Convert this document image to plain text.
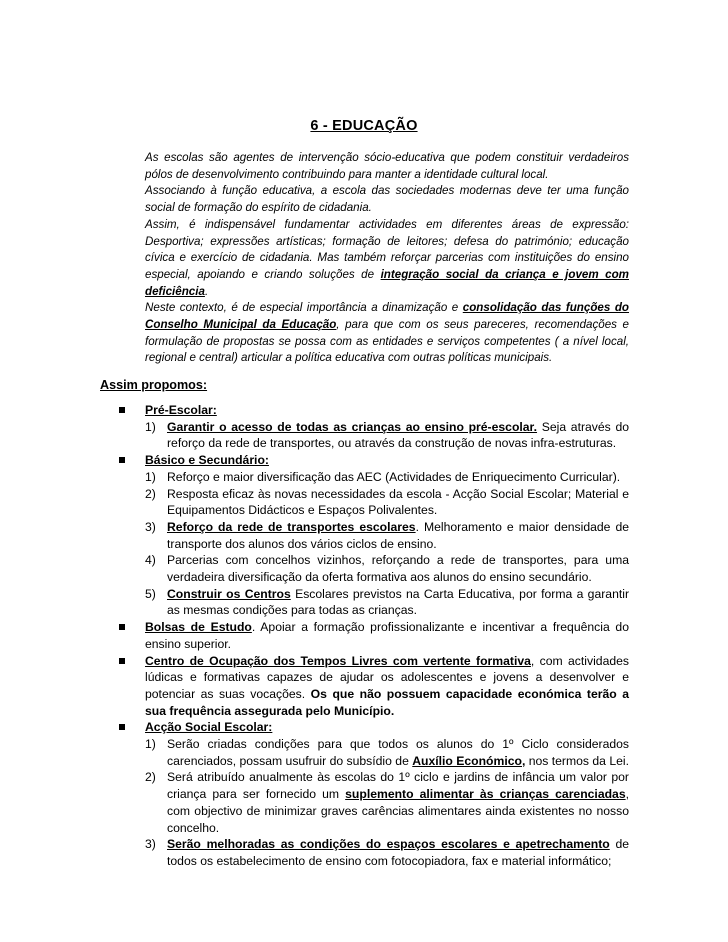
6 - EDUCAÇÃO

As escolas são agentes de intervenção sócio-educativa que podem constituir verdadeiros pólos de desenvolvimento contribuindo para manter a identidade cultural local.

Associando à função educativa, a escola das sociedades modernas deve ter uma função social de formação do espírito de cidadania.

Assim, é indispensável fundamentar actividades em diferentes áreas de expressão: Desportiva; expressões artísticas; formação de leitores; defesa do património; educação cívica e exercício de cidadania. Mas também reforçar parcerias com instituições do ensino especial, apoiando e criando soluções de integração social da criança e jovem com deficiência.

Neste contexto, é de especial importância a dinamização e consolidação das funções do Conselho Municipal da Educação, para que com os seus pareceres, recomendações e formulação de propostas se possa com as entidades e serviços competentes ( a nível local, regional e central) articular a política educativa com outras políticas municipais.

Assim propomos:
Pré-Escolar:
1) Garantir o acesso de todas as crianças ao ensino pré-escolar. Seja através do reforço da rede de transportes, ou através da construção de novas infra-estruturas.
Básico e Secundário:
1) Reforço e maior diversificação das AEC (Actividades de Enriquecimento Curricular).
2) Resposta eficaz às novas necessidades da escola - Acção Social Escolar; Material e Equipamentos Didácticos e Espaços Polivalentes.
3) Reforço da rede de transportes escolares. Melhoramento e maior densidade de transporte dos alunos dos vários ciclos de ensino.
4) Parcerias com concelhos vizinhos, reforçando a rede de transportes, para uma verdadeira diversificação da oferta formativa aos alunos do ensino secundário.
5) Construir os Centros Escolares previstos na Carta Educativa, por forma a garantir as mesmas condições para todas as crianças.
Bolsas de Estudo. Apoiar a formação profissionalizante e incentivar a frequência do ensino superior.
Centro de Ocupação dos Tempos Livres com vertente formativa, com actividades lúdicas e formativas capazes de ajudar os adolescentes e jovens a desenvolver e potenciar as suas vocações. Os que não possuem capacidade económica terão a sua frequência assegurada pelo Município.
Acção Social Escolar:
1) Serão criadas condições para que todos os alunos do 1º Ciclo considerados carenciados, possam usufruir do subsídio de Auxílio Económico, nos termos da Lei.
2) Será atribuído anualmente às escolas do 1º ciclo e jardins de infância um valor por criança para ser fornecido um suplemento alimentar às crianças carenciadas, com objectivo de minimizar graves carências alimentares ainda existentes no nosso concelho.
3) Serão melhoradas as condições do espaços escolares e apetrechamento de todos os estabelecimento de ensino com fotocopiadora, fax e material informático;
